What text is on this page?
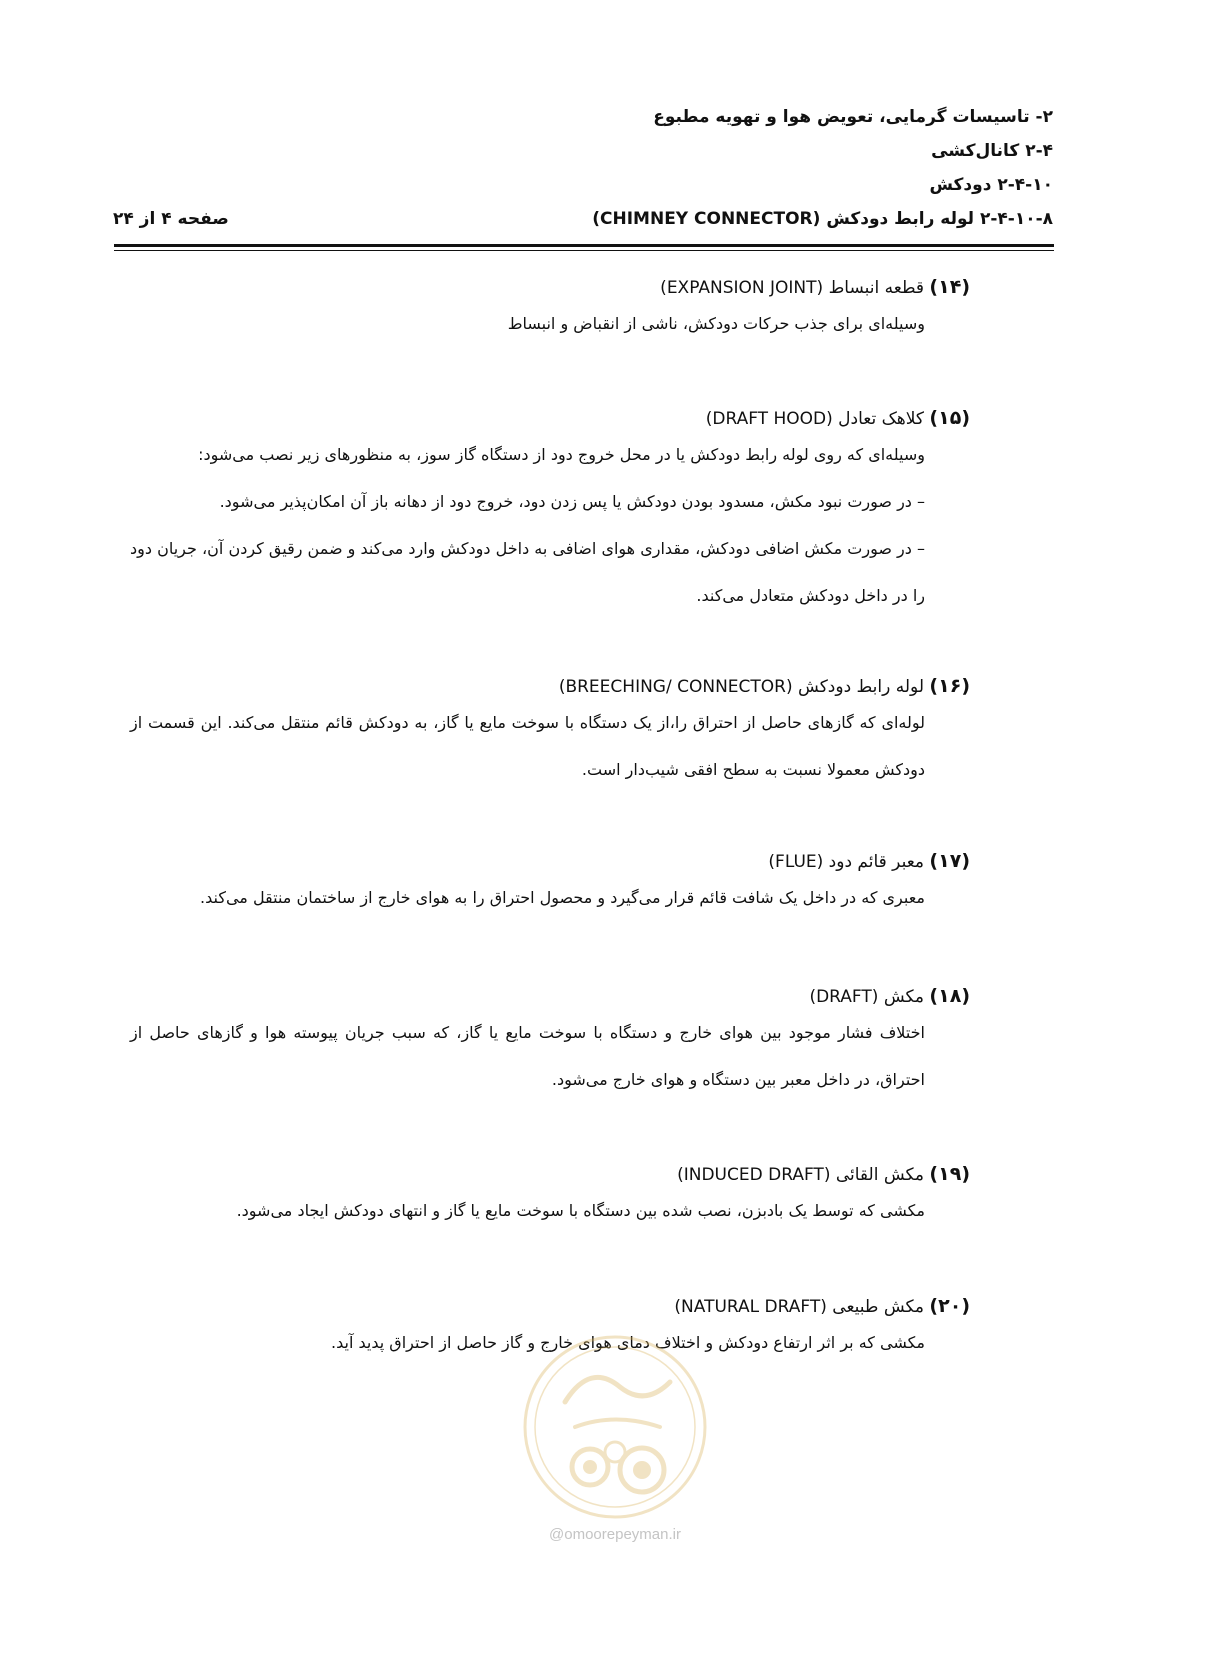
۲- تاسیسات گرمایی، تعویض هوا و تهویه مطبوع
۲-۴ کانال‌کشی
۲-۴-۱۰ دودکش
۲-۴-۱۰-۸ لوله رابط دودکش (CHIMNEY CONNECTOR)
صفحه ۴ از ۲۴
(۱۴) قطعه انبساط (EXPANSION JOINT)

وسیله‌ای برای جذب حرکات دودکش، ناشی از انقباض و انبساط

(۱۵) کلاهک تعادل (DRAFT HOOD)

وسیله‌ای که روی لوله رابط دودکش یا در محل خروج دود از دستگاه گاز سوز، به منظورهای زیر نصب می‌شود:

– در صورت نبود مکش، مسدود بودن دودکش یا پس زدن دود، خروج دود از دهانه باز آن امکان‌پذیر می‌شود.

– در صورت مکش اضافی دودکش، مقداری هوای اضافی به داخل دودکش وارد می‌کند و ضمن رقیق کردن آن، جریان دود را در داخل دودکش متعادل می‌کند.

(۱۶) لوله رابط دودکش (BREECHING/ CONNECTOR)

لوله‌ای که گازهای حاصل از احتراق را،از یک دستگاه با سوخت مایع یا گاز، به دودکش قائم منتقل می‌کند. این قسمت از دودکش معمولا نسبت به سطح افقی شیب‌دار است.

(۱۷) معبر قائم دود (FLUE)

معبری که در داخل یک شافت قائم قرار می‌گیرد و محصول احتراق را به هوای خارج از ساختمان منتقل می‌کند.

(۱۸) مکش (DRAFT)

اختلاف فشار موجود بین هوای خارج و دستگاه با سوخت مایع یا گاز، که سبب جریان پیوسته هوا و گازهای حاصل از احتراق، در داخل معبر بین دستگاه و هوای خارج می‌شود.

(۱۹) مکش القائی (INDUCED DRAFT)

مکشی که توسط یک بادبزن، نصب شده بین دستگاه با سوخت مایع یا گاز و انتهای دودکش ایجاد می‌شود.

(۲۰) مکش طبیعی (NATURAL DRAFT)

مکشی که بر اثر ارتفاع دودکش و اختلاف دمای هوای خارج و گاز حاصل از احتراق پدید آید.

@omoorepeyman.ir
